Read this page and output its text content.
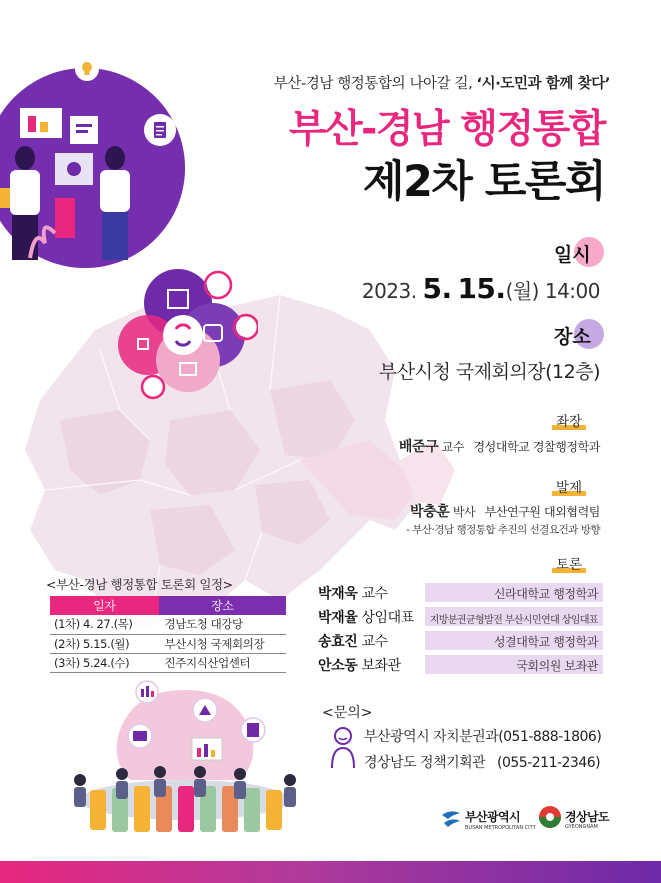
부산-경남 행정통합의 나아갈 길, ‘시·도민과 함께 찾다’
부산-경남 행정통합
제2차 토론회
일시
2023. 5. 15.(월) 14:00
장소
부산시청 국제회의장(12층)
좌장
배준구 교수 경성대학교 경찰행정학과
발제
박충훈 박사 부산연구원 대외협력팀
- 부산·경남 행정통합 추진의 선결요건과 방향
토론
박재욱 교수	신라대학교 행정학과
박재율 상임대표	지방분권균형발전 부산시민연대 상임대표
송효진 교수	성결대학교 행정학과
안소동 보좌관	국회의원 보좌관
<부산-경남 행정통합 토론회 일정>
일자	장소
(1차) 4. 27.(목)	경남도청 대강당
(2차) 5.15.(월)	부산시청 국제회의장
(3차) 5.24.(수)	진주지식산업센터
<문의>
부산광역시 자치분권과(051-888-1806)
경상남도 정책기획관   (055-211-2346)
부산광역시
BUSAN METROPOLITAN CITY
경상남도
GYEONGNAM
